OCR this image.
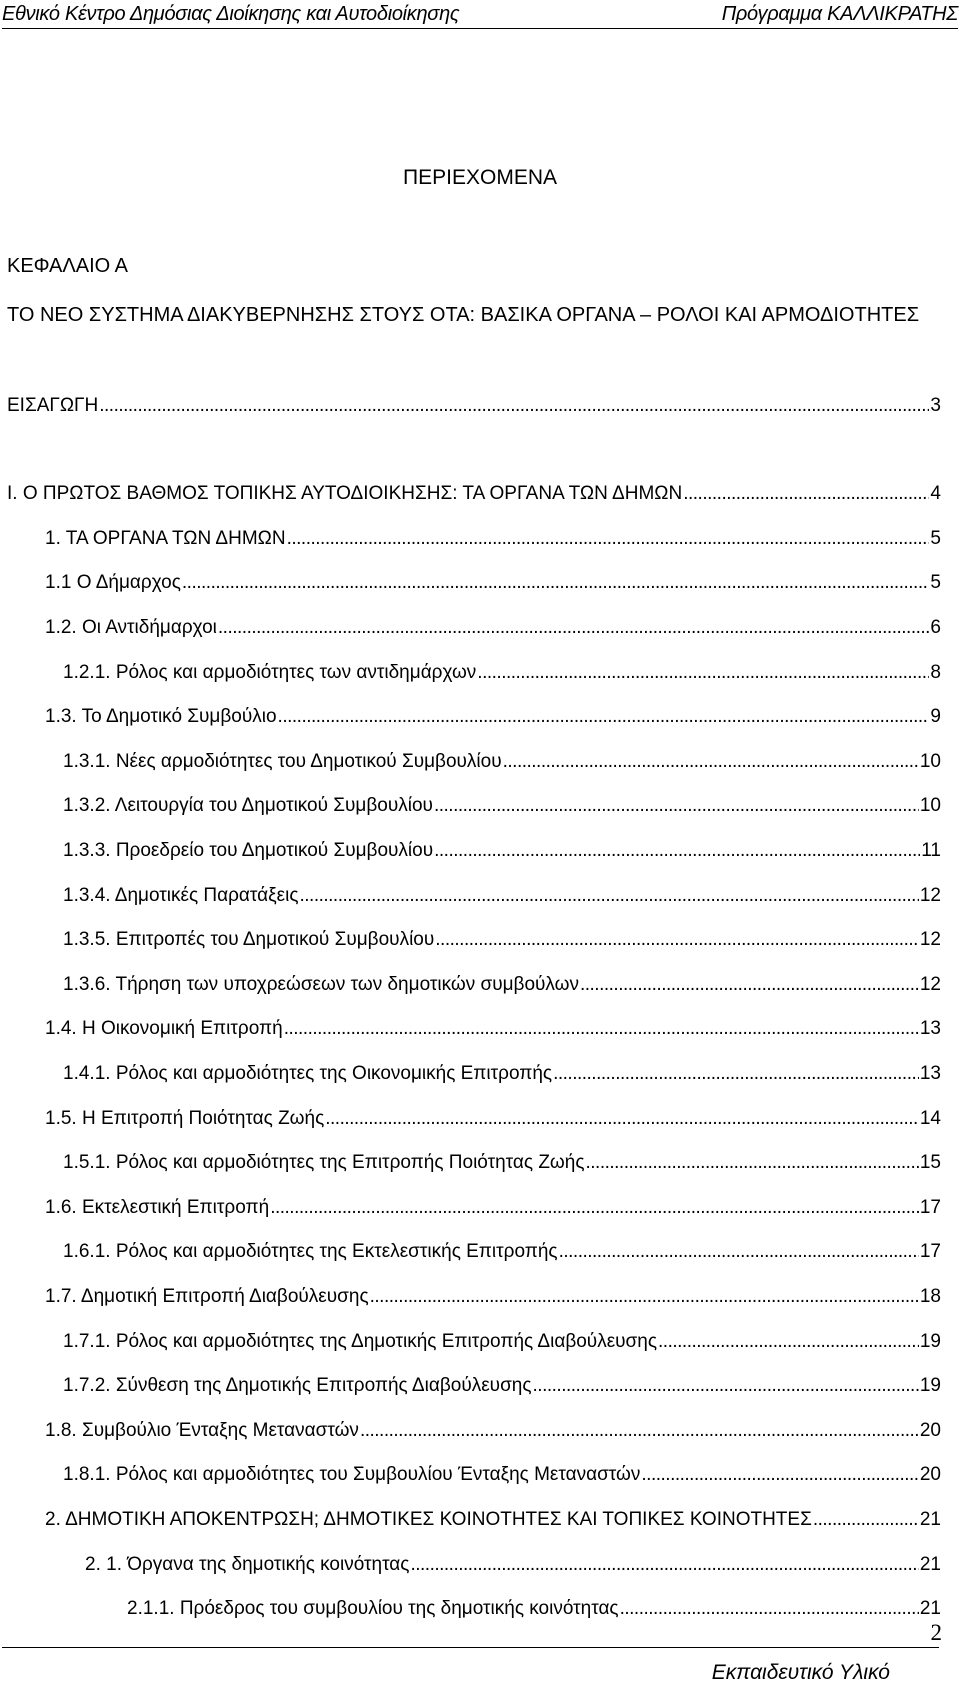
Εθνικό Κέντρο Δημόσιας Διοίκησης και Αυτοδιοίκησης	Πρόγραμμα ΚΑΛΛΙΚΡΑΤΗΣ
ΠΕΡΙΕΧΟΜΕΝΑ
ΚΕΦΑΛΑΙΟ Α
ΤΟ ΝΕΟ ΣΥΣΤΗΜΑ ΔΙΑΚΥΒΕΡΝΗΣΗΣ ΣΤΟΥΣ ΟΤΑ: ΒΑΣΙΚΑ ΟΡΓΑΝΑ – ΡΟΛΟΙ ΚΑΙ ΑΡΜΟΔΙΟΤΗΤΕΣ
ΕΙΣΑΓΩΓΗ .....	3
Ι. Ο ΠΡΩΤΟΣ ΒΑΘΜΟΣ ΤΟΠΙΚΗΣ ΑΥΤΟΔΙΟΙΚΗΣΗΣ: ΤΑ ΟΡΓΑΝΑ ΤΩΝ ΔΗΜΩΝ .....	4
1. ΤΑ ΟΡΓΑΝΑ ΤΩΝ ΔΗΜΩΝ .....	5
1.1 Ο Δήμαρχος .....	5
1.2. Οι Αντιδήμαρχοι .....	6
1.2.1. Ρόλος και αρμοδιότητες των αντιδημάρχων .....	8
1.3. Το Δημοτικό Συμβούλιο .....	9
1.3.1. Νέες αρμοδιότητες του Δημοτικού Συμβουλίου .....	10
1.3.2. Λειτουργία του Δημοτικού Συμβουλίου .....	10
1.3.3. Προεδρείο του Δημοτικού Συμβουλίου .....	11
1.3.4. Δημοτικές Παρατάξεις .....	12
1.3.5. Επιτροπές του Δημοτικού Συμβουλίου .....	12
1.3.6. Τήρηση των υποχρεώσεων των δημοτικών συμβούλων .....	12
1.4. Η Οικονομική Επιτροπή .....	13
1.4.1. Ρόλος και αρμοδιότητες της Οικονομικής Επιτροπής .....	13
1.5. Η Επιτροπή Ποιότητας Ζωής .....	14
1.5.1. Ρόλος και αρμοδιότητες της Επιτροπής Ποιότητας Ζωής .....	15
1.6. Εκτελεστική Επιτροπή .....	17
1.6.1. Ρόλος και αρμοδιότητες της Εκτελεστικής Επιτροπής .....	17
1.7. Δημοτική Επιτροπή Διαβούλευσης .....	18
1.7.1. Ρόλος και αρμοδιότητες της Δημοτικής Επιτροπής Διαβούλευσης .....	19
1.7.2. Σύνθεση της Δημοτικής Επιτροπής Διαβούλευσης .....	19
1.8. Συμβούλιο Ένταξης Μεταναστών .....	20
1.8.1. Ρόλος και αρμοδιότητες του Συμβουλίου Ένταξης Μεταναστών .....	20
2. ΔΗΜΟΤΙΚΗ ΑΠΟΚΕΝΤΡΩΣΗ; ΔΗΜΟΤΙΚΕΣ ΚΟΙΝΟΤΗΤΕΣ ΚΑΙ ΤΟΠΙΚΕΣ ΚΟΙΝΟΤΗΤΕΣ .....	21
2. 1. Όργανα της δημοτικής κοινότητας .....	21
2.1.1. Πρόεδρος του συμβουλίου της δημοτικής κοινότητας .....	21
2
Εκπαιδευτικό Υλικό
